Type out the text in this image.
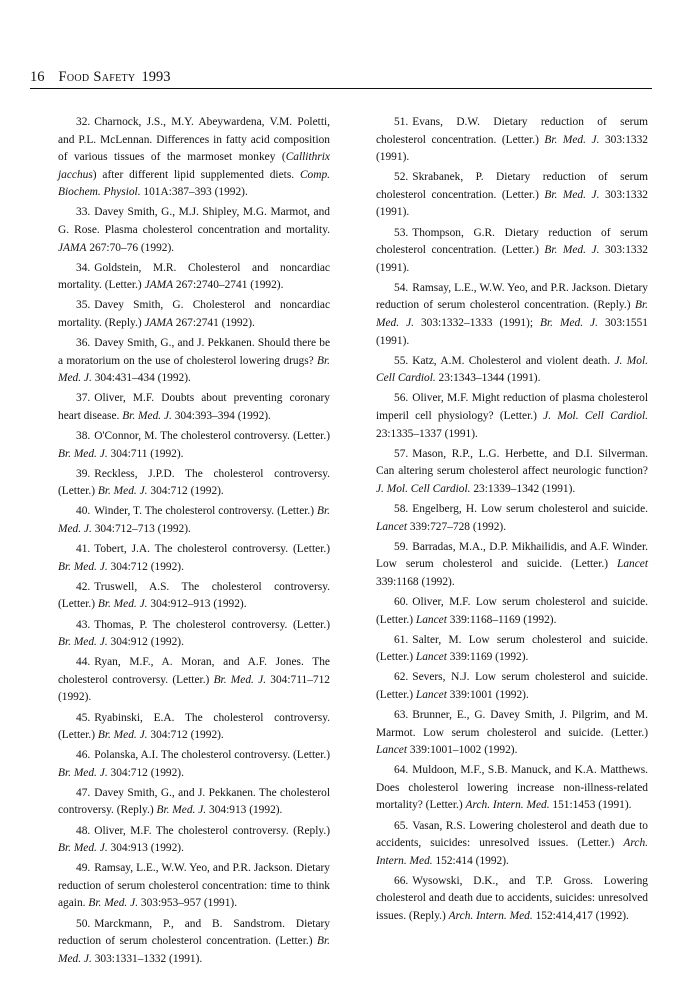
16 Food Safety 1993

32. Charnock, J.S., M.Y. Abeywardena, V.M. Poletti, and P.L. McLennan. Differences in fatty acid composition of various tissues of the marmoset monkey (Callithrix jacchus) after different lipid supplemented diets. Comp. Biochem. Physiol. 101A:387–393 (1992).

33. Davey Smith, G., M.J. Shipley, M.G. Marmot, and G. Rose. Plasma cholesterol concentration and mortality. JAMA 267:70–76 (1992).

34. Goldstein, M.R. Cholesterol and noncardiac mortality. (Letter.) JAMA 267:2740–2741 (1992).

35. Davey Smith, G. Cholesterol and noncardiac mortality. (Reply.) JAMA 267:2741 (1992).

36. Davey Smith, G., and J. Pekkanen. Should there be a moratorium on the use of cholesterol lowering drugs? Br. Med. J. 304:431–434 (1992).

37. Oliver, M.F. Doubts about preventing coronary heart disease. Br. Med. J. 304:393–394 (1992).

38. O'Connor, M. The cholesterol controversy. (Letter.) Br. Med. J. 304:711 (1992).

39. Reckless, J.P.D. The cholesterol controversy. (Letter.) Br. Med. J. 304:712 (1992).

40. Winder, T. The cholesterol controversy. (Letter.) Br. Med. J. 304:712–713 (1992).

41. Tobert, J.A. The cholesterol controversy. (Letter.) Br. Med. J. 304:712 (1992).

42. Truswell, A.S. The cholesterol controversy. (Letter.) Br. Med. J. 304:912–913 (1992).

43. Thomas, P. The cholesterol controversy. (Letter.) Br. Med. J. 304:912 (1992).

44. Ryan, M.F., A. Moran, and A.F. Jones. The cholesterol controversy. (Letter.) Br. Med. J. 304:711–712 (1992).

45. Ryabinski, E.A. The cholesterol controversy. (Letter.) Br. Med. J. 304:712 (1992).

46. Polanska, A.I. The cholesterol controversy. (Letter.) Br. Med. J. 304:712 (1992).

47. Davey Smith, G., and J. Pekkanen. The cholesterol controversy. (Reply.) Br. Med. J. 304:913 (1992).

48. Oliver, M.F. The cholesterol controversy. (Reply.) Br. Med. J. 304:913 (1992).

49. Ramsay, L.E., W.W. Yeo, and P.R. Jackson. Dietary reduction of serum cholesterol concentration: time to think again. Br. Med. J. 303:953–957 (1991).

50. Marckmann, P., and B. Sandstrom. Dietary reduction of serum cholesterol concentration. (Letter.) Br. Med. J. 303:1331–1332 (1991).

51. Evans, D.W. Dietary reduction of serum cholesterol concentration. (Letter.) Br. Med. J. 303:1332 (1991).

52. Skrabanek, P. Dietary reduction of serum cholesterol concentration. (Letter.) Br. Med. J. 303:1332 (1991).

53. Thompson, G.R. Dietary reduction of serum cholesterol concentration. (Letter.) Br. Med. J. 303:1332 (1991).

54. Ramsay, L.E., W.W. Yeo, and P.R. Jackson. Dietary reduction of serum cholesterol concentration. (Reply.) Br. Med. J. 303:1332–1333 (1991); Br. Med. J. 303:1551 (1991).

55. Katz, A.M. Cholesterol and violent death. J. Mol. Cell Cardiol. 23:1343–1344 (1991).

56. Oliver, M.F. Might reduction of plasma cholesterol imperil cell physiology? (Letter.) J. Mol. Cell Cardiol. 23:1335–1337 (1991).

57. Mason, R.P., L.G. Herbette, and D.I. Silverman. Can altering serum cholesterol affect neurologic function? J. Mol. Cell Cardiol. 23:1339–1342 (1991).

58. Engelberg, H. Low serum cholesterol and suicide. Lancet 339:727–728 (1992).

59. Barradas, M.A., D.P. Mikhailidis, and A.F. Winder. Low serum cholesterol and suicide. (Letter.) Lancet 339:1168 (1992).

60. Oliver, M.F. Low serum cholesterol and suicide. (Letter.) Lancet 339:1168–1169 (1992).

61. Salter, M. Low serum cholesterol and suicide. (Letter.) Lancet 339:1169 (1992).

62. Severs, N.J. Low serum cholesterol and suicide. (Letter.) Lancet 339:1001 (1992).

63. Brunner, E., G. Davey Smith, J. Pilgrim, and M. Marmot. Low serum cholesterol and suicide. (Letter.) Lancet 339:1001–1002 (1992).

64. Muldoon, M.F., S.B. Manuck, and K.A. Matthews. Does cholesterol lowering increase non-illness-related mortality? (Letter.) Arch. Intern. Med. 151:1453 (1991).

65. Vasan, R.S. Lowering cholesterol and death due to accidents, suicides: unresolved issues. (Letter.) Arch. Intern. Med. 152:414 (1992).

66. Wysowski, D.K., and T.P. Gross. Lowering cholesterol and death due to accidents, suicides: unresolved issues. (Reply.) Arch. Intern. Med. 152:414,417 (1992).
